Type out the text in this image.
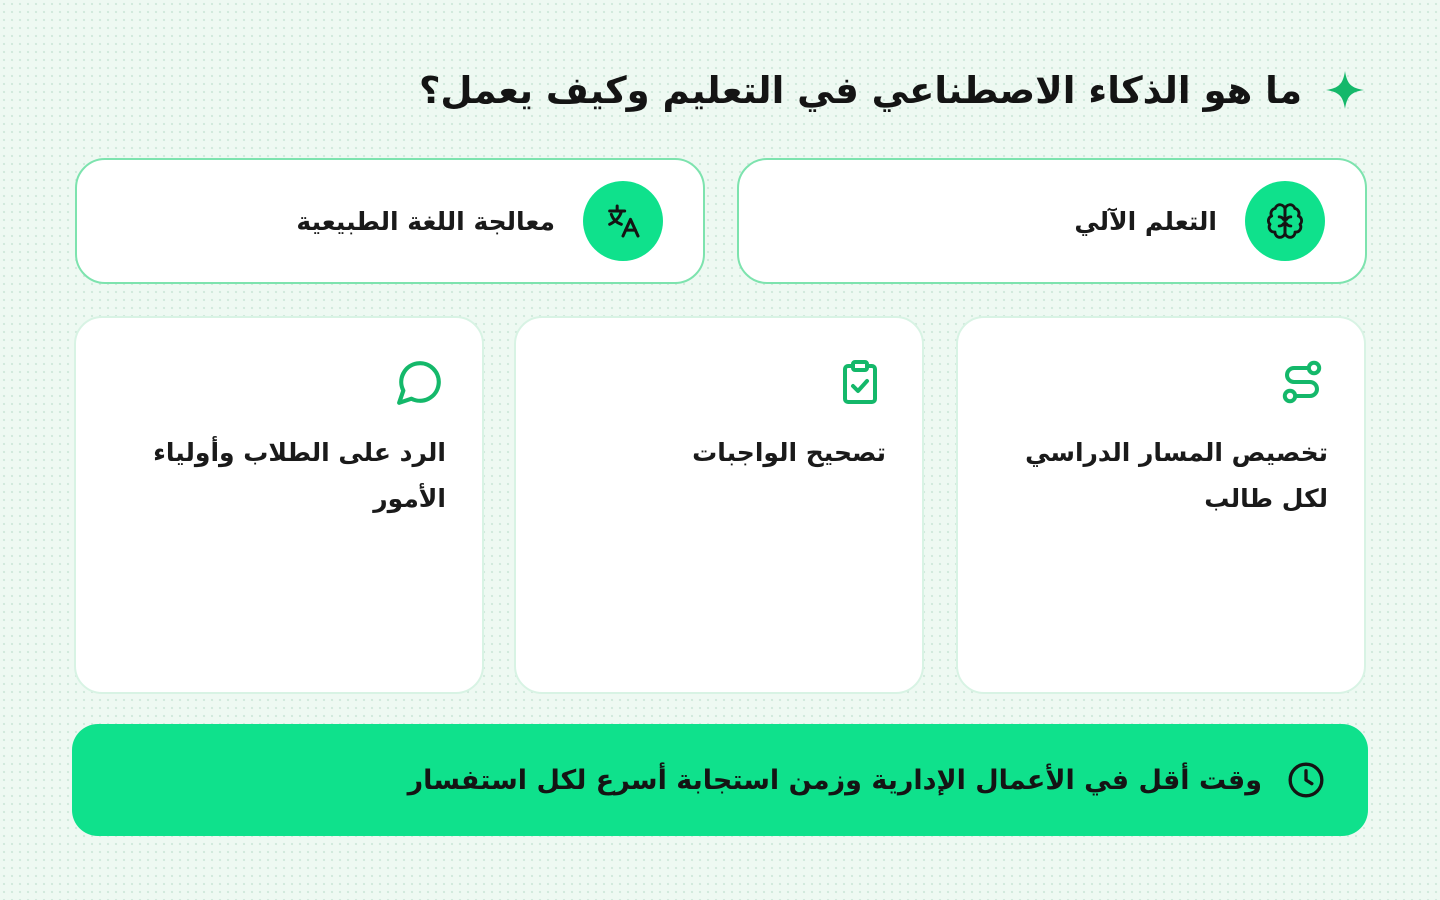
ما هو الذكاء الاصطناعي في التعليم وكيف يعمل؟
التعلم الآلي
معالجة اللغة الطبيعية
تخصيص المسار الدراسي لكل طالب
تصحيح الواجبات
الرد على الطلاب وأولياء الأمور
وقت أقل في الأعمال الإدارية وزمن استجابة أسرع لكل استفسار
